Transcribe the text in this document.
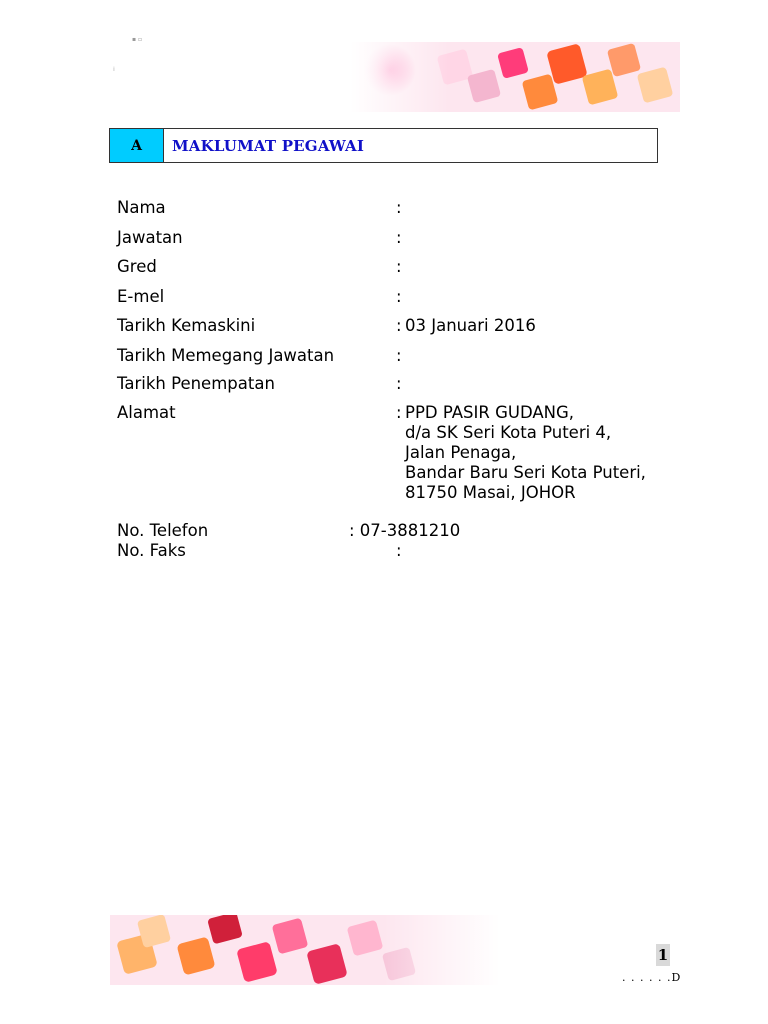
▪ ▫
⁞
A	MAKLUMAT PEGAWAI
Nama	:
Jawatan	:
Gred	:
E-mel	:
Tarikh Kemaskini	: 03 Januari 2016
Tarikh Memegang Jawatan	:
Tarikh Penempatan	:
Alamat	: PPD PASIR GUDANG,
d/a SK Seri Kota Puteri 4,
Jalan Penaga,
Bandar Baru Seri Kota Puteri,
81750 Masai, JOHOR
No. Telefon	: 07-3881210
No. Faks	:
1
. . . . . .D
